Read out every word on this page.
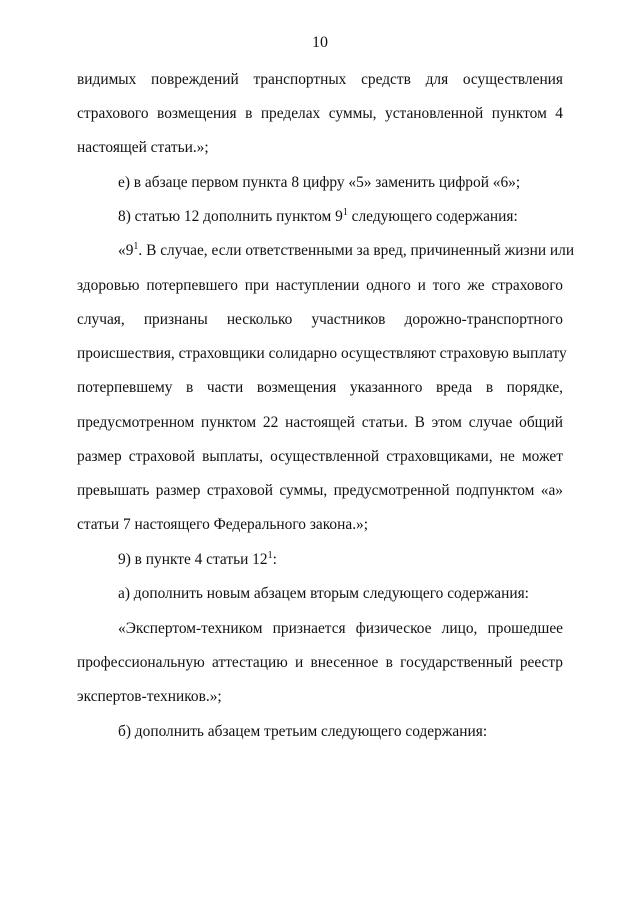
10
видимых повреждений транспортных средств для осуществления
страхового возмещения в пределах суммы, установленной пунктом 4
настоящей статьи.»;
е) в абзаце первом пункта 8 цифру «5» заменить цифрой «6»;
8) статью 12 дополнить пунктом $9^1$ следующего содержания:
«$9^1$. В случае, если ответственными за вред, причиненный жизни или
здоровью потерпевшего при наступлении одного и того же страхового
случая, признаны несколько участников дорожно-транспортного
происшествия, страховщики солидарно осуществляют страховую выплату
потерпевшему в части возмещения указанного вреда в порядке,
предусмотренном пунктом 22 настоящей статьи. В этом случае общий
размер страховой выплаты, осуществленной страховщиками, не может
превышать размер страховой суммы, предусмотренной подпунктом «а»
статьи 7 настоящего Федерального закона.»;
9) в пункте 4 статьи $12^1$:
а) дополнить новым абзацем вторым следующего содержания:
«Экспертом-техником признается физическое лицо, прошедшее
профессиональную аттестацию и внесенное в государственный реестр
экспертов-техников.»;
б) дополнить абзацем третьим следующего содержания:
